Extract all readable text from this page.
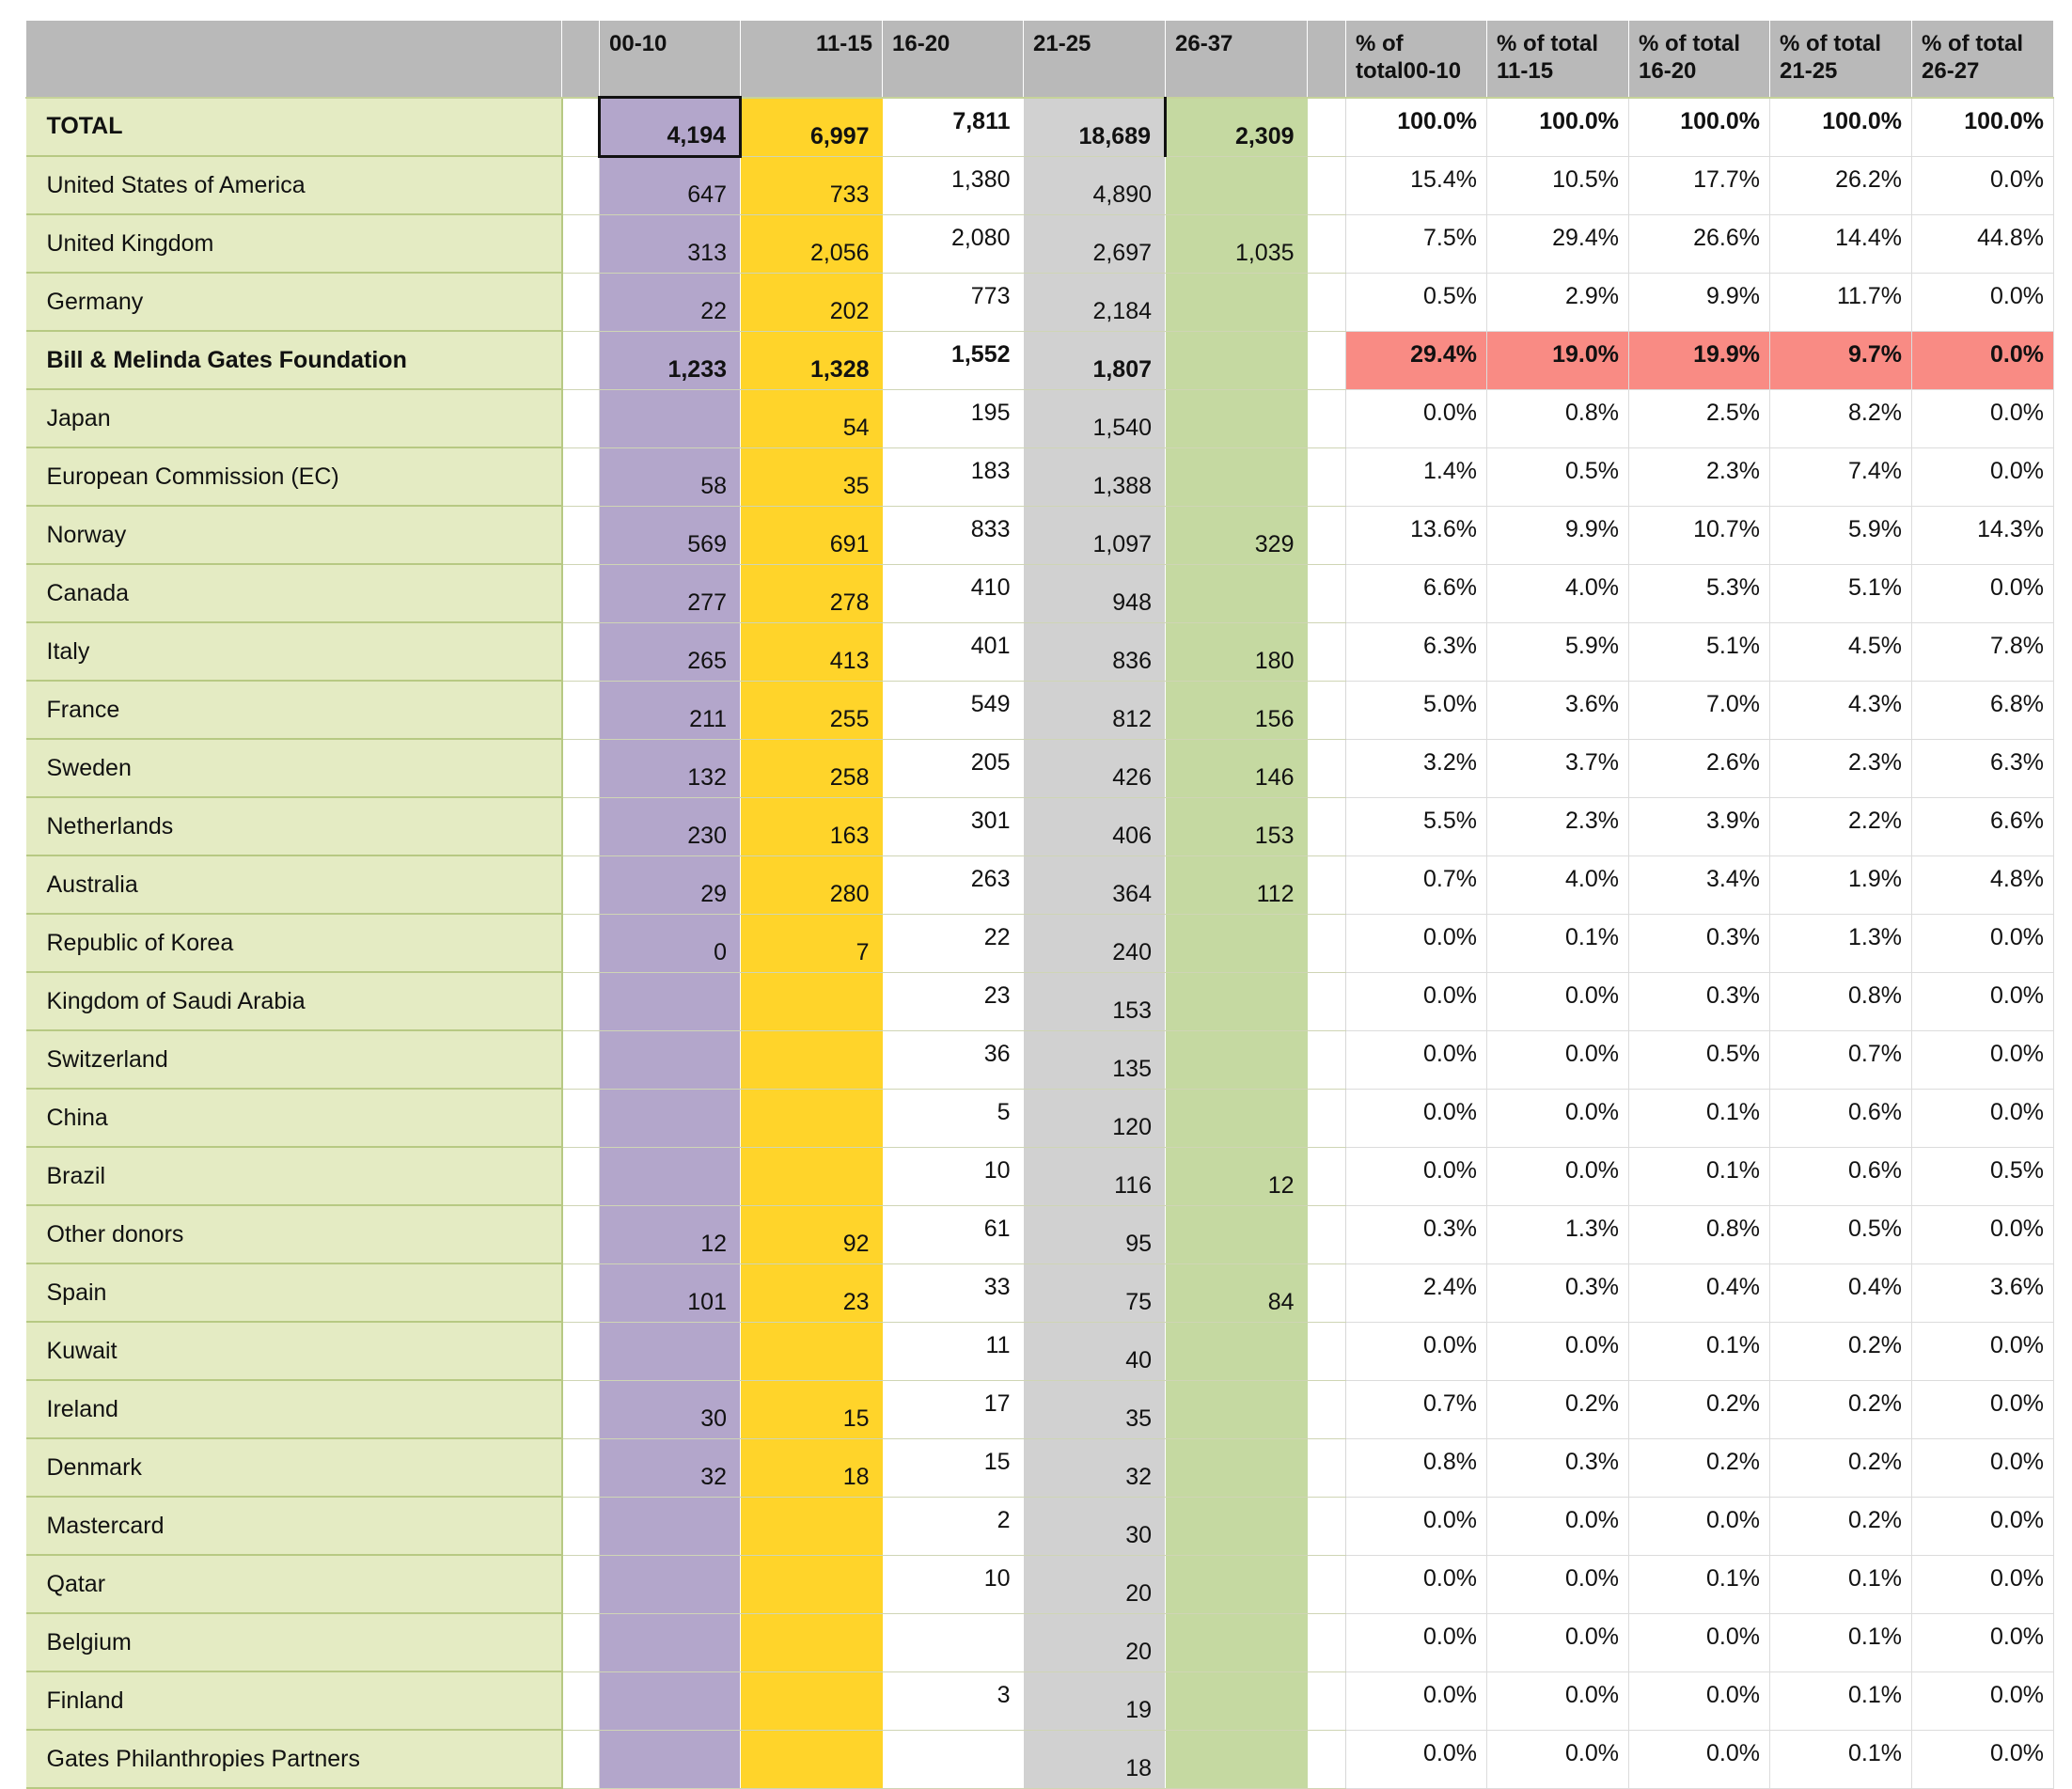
		00-10	11-15	16-20	21-25	26-37		% of total00-10	% of total 11-15	% of total 16-20	% of total 21-25	% of total 26-27

TOTAL		4,194	6,997	7,811	18,689	2,309		100.0%	100.0%	100.0%	100.0%	100.0%
United States of America		647	733	1,380	4,890			15.4%	10.5%	17.7%	26.2%	0.0%
United Kingdom		313	2,056	2,080	2,697	1,035		7.5%	29.4%	26.6%	14.4%	44.8%
Germany		22	202	773	2,184			0.5%	2.9%	9.9%	11.7%	0.0%
Bill & Melinda Gates Foundation		1,233	1,328	1,552	1,807			29.4%	19.0%	19.9%	9.7%	0.0%
Japan			54	195	1,540			0.0%	0.8%	2.5%	8.2%	0.0%
European Commission (EC)		58	35	183	1,388			1.4%	0.5%	2.3%	7.4%	0.0%
Norway		569	691	833	1,097	329		13.6%	9.9%	10.7%	5.9%	14.3%
Canada		277	278	410	948			6.6%	4.0%	5.3%	5.1%	0.0%
Italy		265	413	401	836	180		6.3%	5.9%	5.1%	4.5%	7.8%
France		211	255	549	812	156		5.0%	3.6%	7.0%	4.3%	6.8%
Sweden		132	258	205	426	146		3.2%	3.7%	2.6%	2.3%	6.3%
Netherlands		230	163	301	406	153		5.5%	2.3%	3.9%	2.2%	6.6%
Australia		29	280	263	364	112		0.7%	4.0%	3.4%	1.9%	4.8%
Republic of Korea		0	7	22	240			0.0%	0.1%	0.3%	1.3%	0.0%
Kingdom of Saudi Arabia				23	153			0.0%	0.0%	0.3%	0.8%	0.0%
Switzerland				36	135			0.0%	0.0%	0.5%	0.7%	0.0%
China				5	120			0.0%	0.0%	0.1%	0.6%	0.0%
Brazil				10	116	12		0.0%	0.0%	0.1%	0.6%	0.5%
Other donors		12	92	61	95			0.3%	1.3%	0.8%	0.5%	0.0%
Spain		101	23	33	75	84		2.4%	0.3%	0.4%	0.4%	3.6%
Kuwait				11	40			0.0%	0.0%	0.1%	0.2%	0.0%
Ireland		30	15	17	35			0.7%	0.2%	0.2%	0.2%	0.0%
Denmark		32	18	15	32			0.8%	0.3%	0.2%	0.2%	0.0%
Mastercard				2	30			0.0%	0.0%	0.0%	0.2%	0.0%
Qatar				10	20			0.0%	0.0%	0.1%	0.1%	0.0%
Belgium					20			0.0%	0.0%	0.0%	0.1%	0.0%
Finland				3	19			0.0%	0.0%	0.0%	0.1%	0.0%
Gates Philanthropies Partners					18			0.0%	0.0%	0.0%	0.1%	0.0%
